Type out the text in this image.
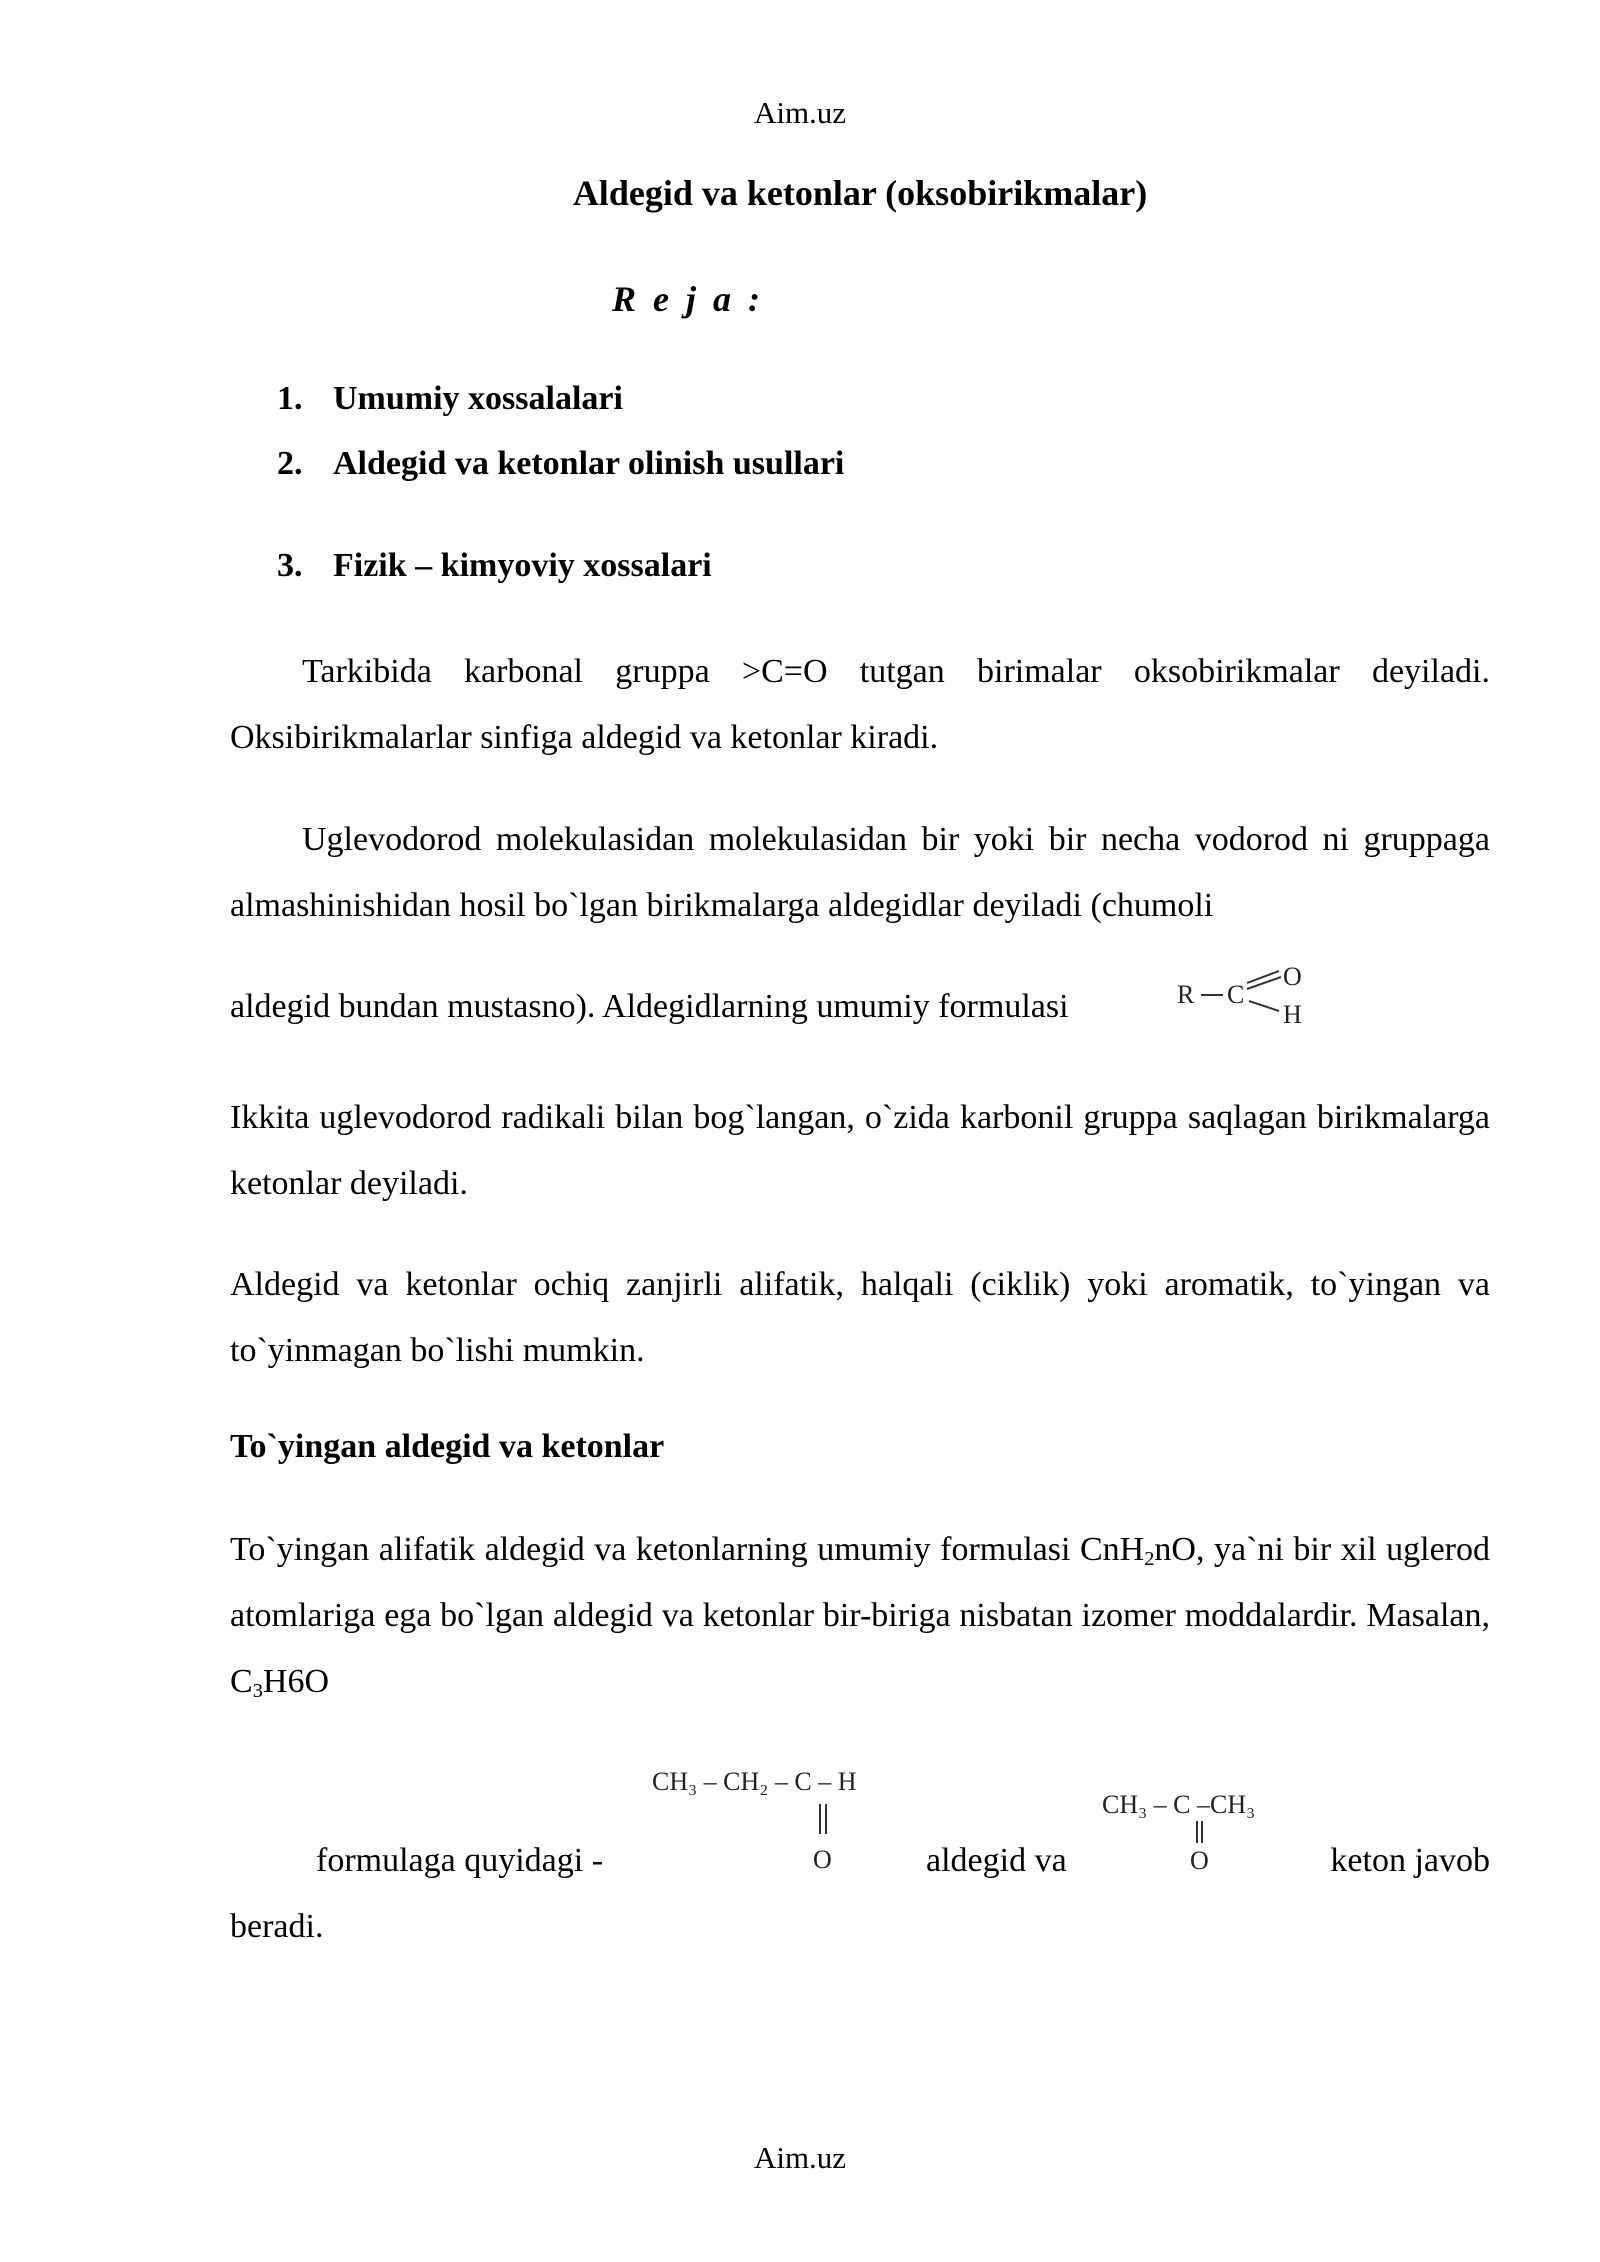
Aim.uz
Aldegid va ketonlar (oksobirikmalar)
R e j a :
1. Umumiy xossalalari
2. Aldegid va ketonlar olinish usullari
3. Fizik – kimyoviy xossalari

Tarkibida karbonal gruppa >C=O tutgan birimalar oksobirikmalar deyiladi. Oksibirikmalarlar sinfiga aldegid va ketonlar kiradi.

Uglevodorod molekulasidan molekulasidan bir yoki bir necha vodorod ni gruppaga almashinishidan hosil bo`lgan birikmalarga aldegidlar deyiladi (chumoli

aldegid bundan mustasno). Aldegidlarning umumiy formulasi	R C
O
H

Ikkita uglevodorod radikali bilan bog`langan, o`zida karbonil gruppa saqlagan birikmalarga ketonlar deyiladi.

Aldegid va ketonlar ochiq zanjirli alifatik, halqali (ciklik) yoki aromatik, to`yingan va to`yinmagan bo`lishi mumkin.

To`yingan aldegid va ketonlar

To`yingan alifatik aldegid va ketonlarning umumiy formulasi CnH$_2$nO, ya`ni bir xil uglerod atomlariga ega bo`lgan aldegid va ketonlar bir-biriga nisbatan izomer moddalardir. Masalan, $C_3H6O$

formulaga quyidagi -
CH₃ – CH₂ – C – H
O	aldegid va
CH₃ – C –CH₃
O	keton javob
beradi.
Aim.uz
